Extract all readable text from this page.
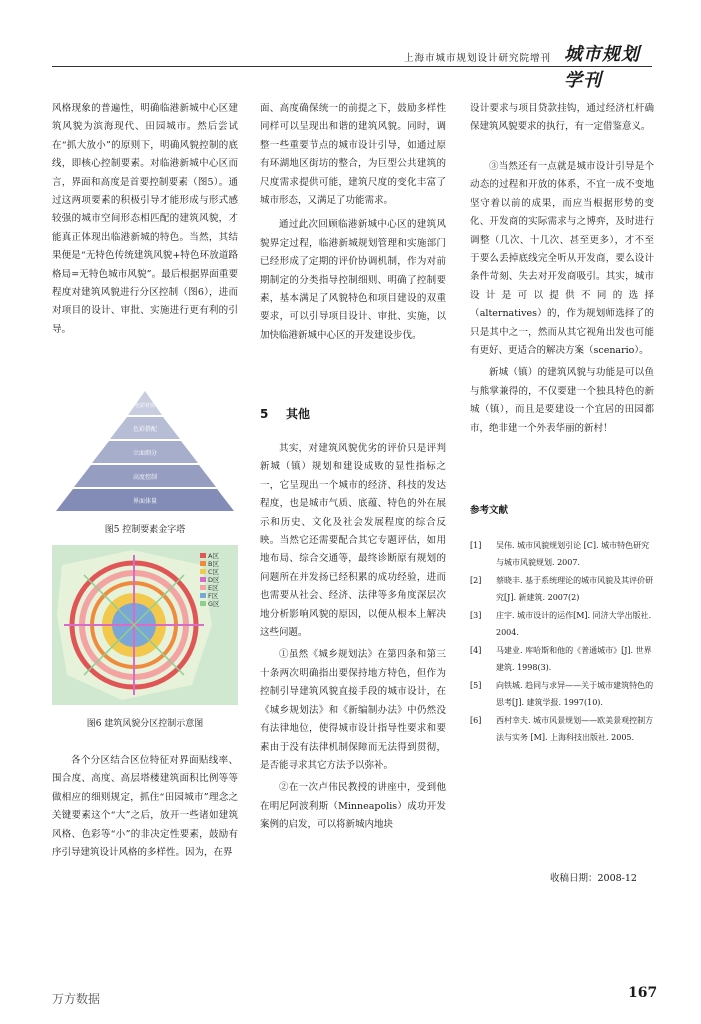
上海市城市规划设计研究院增刊 城市规划学刊

风格现象的普遍性，明确临港新城中心区建筑风貌为滨海现代、田园城市。然后尝试在“抓大放小”的原则下，明确风貌控制的底线，即核心控制要素。对临港新城中心区而言，界面和高度是首要控制要素（图5）。通过这两项要素的积极引导才能形成与形式感较强的城市空间形态相匹配的建筑风貌，才能真正体现出临港新城的特色。当然，其结果便是“无特色传统建筑风貌+特色环放道路格局=无特色城市风貌”。最后根据界面重要程度对建筑风貌进行分区控制（图6），进而对项目的设计、审批、实施进行更有利的引导。

色彩材质
色彩搭配
立面细分
高度控制
界面体量
图5 控制要素金字塔
A区
B区
C区
D区
E区
F区
G区
图6 建筑风貌分区控制示意图

各个分区结合区位特征对界面贴线率、围合度、高度、高层塔楼建筑面积比例等等做相应的细则规定，抓住“田园城市”理念之关键要素这个“大”之后，放开一些诸如建筑风格、色彩等“小”的非决定性要素，鼓励有序引导建筑设计风格的多样性。因为，在界

面、高度确保统一的前提之下，鼓励多样性同样可以呈现出和谐的建筑风貌。同时，调整一些重要节点的城市设计引导，如通过原有环湖地区街坊的整合，为巨型公共建筑的尺度需求提供可能，建筑尺度的变化丰富了城市形态，又满足了功能需求。

通过此次回顾临港新城中心区的建筑风貌界定过程，临港新城规划管理和实施部门已经形成了定期的评价协调机制，作为对前期制定的分类指导控制细则、明确了控制要素，基本满足了风貌特色和项目建设的双重要求，可以引导项目设计、审批、实施，以加快临港新城中心区的开发建设步伐。

5 其他

其实，对建筑风貌优劣的评价只是评判新城（镇）规划和建设成败的显性指标之一，它呈现出一个城市的经济、科技的发达程度，也是城市气质、底蕴、特色的外在展示和历史、文化及社会发展程度的综合反映。当然它还需要配合其它专题评估，如用地布局、综合交通等，最终诊断原有规划的问题所在并发扬已经积累的成功经验，进而也需要从社会、经济、法律等多角度深层次地分析影响风貌的原因，以便从根本上解决这些问题。

①虽然《城乡规划法》在第四条和第三十条两次明确指出要保持地方特色，但作为控制引导建筑风貌直接手段的城市设计，在《城乡规划法》和《新编制办法》中仍然没有法律地位，使得城市设计指导性要求和要素由于没有法律机制保障而无法得到贯彻，是否能寻求其它方法予以弥补。

②在一次卢伟民教授的讲座中，受到他在明尼阿波利斯（Minneapolis）成功开发案例的启发，可以将新城内地块

设计要求与项目贷款挂钩，通过经济杠杆确保建筑风貌要求的执行，有一定借鉴意义。

③当然还有一点就是城市设计引导是个动态的过程和开放的体系，不宜一成不变地坚守着以前的成果，而应当根据形势的变化、开发商的实际需求与之博弈，及时进行调整（几次、十几次、甚至更多），才不至于要么丢掉底线完全听从开发商，要么设计条件苛刻、失去对开发商吸引。其实，城市设计是可以提供不同的选择（alternatives）的，作为规划师选择了的只是其中之一，然而从其它视角出发也可能有更好、更适合的解决方案（scenario）。

新城（镇）的建筑风貌与功能是可以鱼与熊掌兼得的，不仅要建一个独具特色的新城（镇），而且是要建设一个宜居的田园都市，绝非建一个外表华丽的新村！

参考文献
[1] 吴伟. 城市风貌规划引论 [C]. 城市特色研究与城市风貌规划. 2007.
[2] 蔡晓丰. 基于系统理论的城市风貌及其评价研究[J]. 新建筑. 2007(2)
[3] 庄宇. 城市设计的运作[M]. 同济大学出版社. 2004.
[4] 马建业. 库哈斯和他的《普通城市》[J]. 世界建筑. 1998(3).
[5] 向铁城. 趋同与求异——关于城市建筑特色的思考[J]. 建筑学报. 1997(10).
[6] 西村幸夫. 城市风景规划——欧美景观控制方法与实务 [M]. 上海科技出版社. 2005.
收稿日期：2008-12
万方数据	167
